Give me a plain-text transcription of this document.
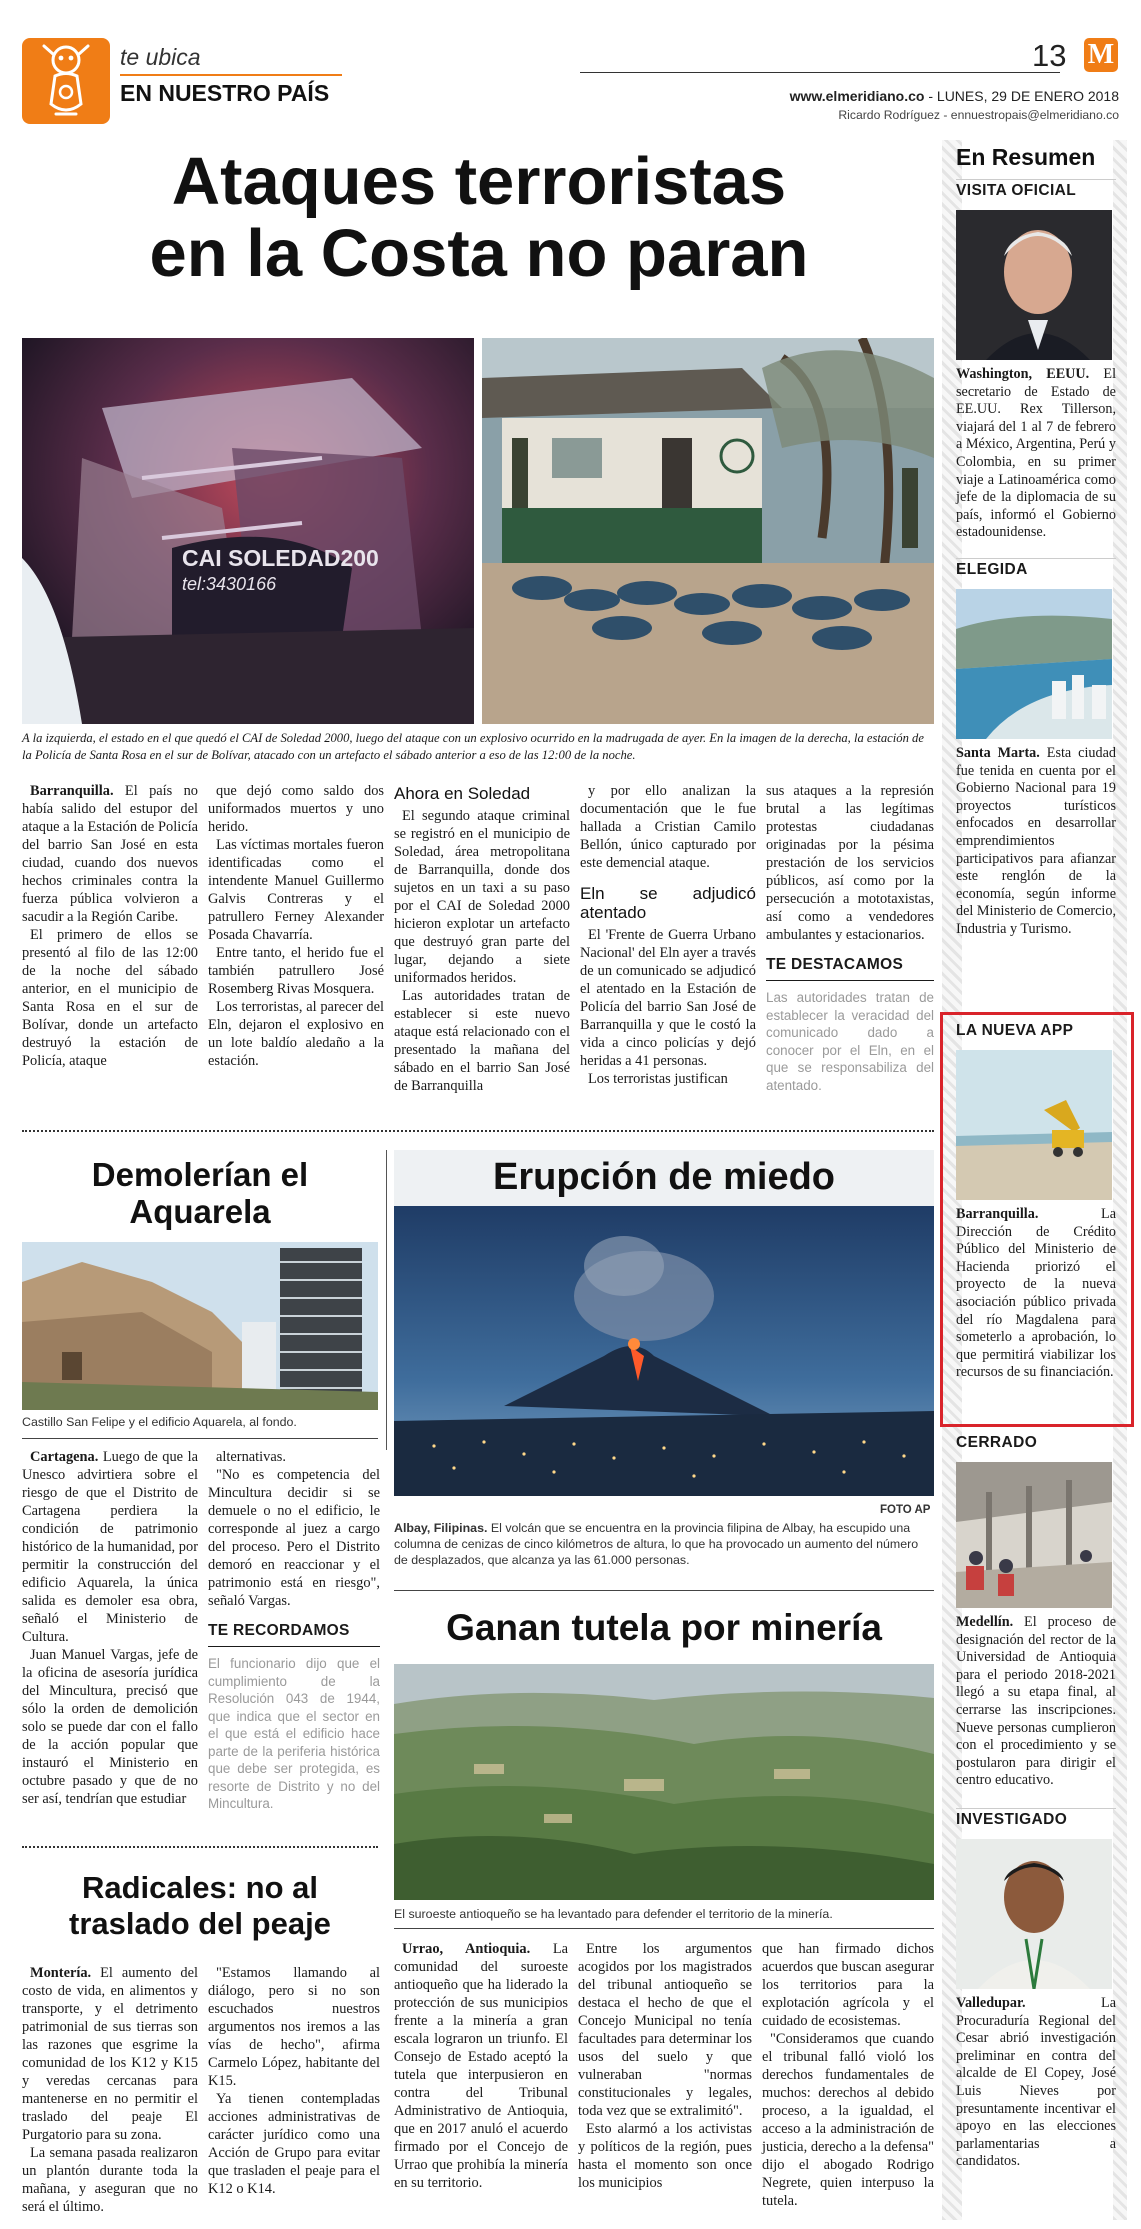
te ubica
EN NUESTRO PAÍS
13 M
www.elmeridiano.co - LUNES, 29 DE ENERO 2018
Ricardo Rodríguez - ennuestropais@elmeridiano.co
Ataques terroristas
en la Costa no paran
CAI SOLEDAD200
tel:3430166
A la izquierda, el estado en el que quedó el CAI de Soledad 2000, luego del ataque con un explosivo ocurrido en la madrugada de ayer. En la imagen de la derecha, la estación de la Policía de Santa Rosa en el sur de Bolívar, atacado con un artefacto el sábado anterior a eso de las 12:00 de la noche.

Barranquilla. El país no había salido del estupor del ataque a la Estación de Policía del barrio San José en esta ciudad, cuando dos nuevos hechos criminales contra la fuerza pública volvieron a sacudir a la Región Caribe.

El primero de ellos se presentó al filo de las 12:00 de la noche del sábado anterior, en el municipio de Santa Rosa en el sur de Bolívar, donde un artefacto destruyó la estación de Policía, ataque

que dejó como saldo dos uniformados muertos y uno herido.

Las víctimas mortales fueron identificadas como el intendente Manuel Guillermo Galvis Contreras y el patrullero Ferney Alexander Posada Chavarría.

Entre tanto, el herido fue el también patrullero José Rosemberg Rivas Mosquera.

Los terroristas, al parecer del Eln, dejaron el explosivo en un lote baldío aledaño a la estación.

Ahora en Soledad

El segundo ataque criminal se registró en el municipio de Soledad, área metropolitana de Barranquilla, donde dos sujetos en un taxi a su paso por el CAI de Soledad 2000 hicieron explotar un artefacto que destruyó gran parte del lugar, dejando a siete uniformados heridos.

Las autoridades tratan de establecer si este nuevo ataque está relacionado con el presentado la mañana del sábado en el barrio San José de Barranquilla

y por ello analizan la documentación que le fue hallada a Cristian Camilo Bellón, único capturado por este demencial ataque.

Eln se adjudicó atentado

El 'Frente de Guerra Urbano Nacional' del Eln ayer a través de un comunicado se adjudicó el atentado en la Estación de Policía del barrio San José de Barranquilla y que le costó la vida a cinco policías y dejó heridas a 41 personas.

Los terroristas justifican

sus ataques a la represión brutal a las legítimas protestas ciudadanas originadas por la pésima prestación de los servicios públicos, así como por la persecución a mototaxistas, así como a vendedores ambulantes y estacionarios.

TE DESTACAMOS
Las autoridades tratan de establecer la veracidad del comunicado dado a conocer por el Eln, en el que se responsabiliza del atentado.
Demolerían el Aquarela
Castillo San Felipe y el edificio Aquarela, al fondo.

Cartagena. Luego de que la Unesco advirtiera sobre el riesgo de que el Distrito de Cartagena perdiera la condición de patrimonio histórico de la humanidad, por permitir la construcción del edificio Aquarela, la única salida es demoler esa obra, señaló el Ministerio de Cultura.

Juan Manuel Vargas, jefe de la oficina de asesoría jurídica del Mincultura, precisó que sólo la orden de demolición solo se puede dar con el fallo de la acción popular que instauró el Ministerio en octubre pasado y que de no ser así, tendrían que estudiar

alternativas.

"No es competencia del Mincultura decidir si se demuele o no el edificio, le corresponde al juez a cargo del proceso. Pero el Distrito demoró en reaccionar y el patrimonio está en riesgo", señaló Vargas.

TE RECORDAMOS
El funcionario dijo que el cumplimiento de la Resolución 043 de 1944, que indica que el sector en el que está el edificio hace parte de la periferia histórica que debe ser protegida, es resorte de Distrito y no del Mincultura.
Erupción de miedo
FOTO AP
Albay, Filipinas. El volcán que se encuentra en la provincia filipina de Albay, ha escupido una columna de cenizas de cinco kilómetros de altura, lo que ha provocado un aumento del número de desplazados, que alcanza ya las 61.000 personas.
Radicales: no al traslado del peaje

Montería. El aumento del costo de vida, en alimentos y transporte, y el detrimento patrimonial de sus tierras son las razones que esgrime la comunidad de los K12 y K15 y veredas cercanas para mantenerse en no permitir el traslado del peaje El Purgatorio para su zona.

La semana pasada realizaron un plantón durante toda la mañana, y aseguran que no será el último.

"Estamos llamando al diálogo, pero si no son escuchados nuestros argumentos nos iremos a las vías de hecho", afirma Carmelo López, habitante del K15.

Ya tienen contempladas acciones administrativas de carácter jurídico como una Acción de Grupo para evitar que trasladen el peaje para el K12 o K14.

Ganan tutela por minería
El suroeste antioqueño se ha levantado para defender el territorio de la minería.

Urrao, Antioquia. La comunidad del suroeste antioqueño que ha liderado la protección de sus municipios frente a la minería a gran escala lograron un triunfo. El Consejo de Estado aceptó la tutela que interpusieron en contra del Tribunal Administrativo de Antioquia, que en 2017 anuló el acuerdo firmado por el Concejo de Urrao que prohibía la minería en su territorio.

Entre los argumentos acogidos por los magistrados del tribunal antioqueño se destaca el hecho de que el Concejo Municipal no tenía facultades para determinar los usos del suelo y que vulneraban "normas constitucionales y legales, toda vez que se extralimitó".

Esto alarmó a los activistas y políticos de la región, pues hasta el momento son once los municipios

que han firmado dichos acuerdos que buscan asegurar los territorios para la explotación agrícola y el cuidado de ecosistemas.

"Consideramos que cuando el tribunal falló violó los derechos fundamentales de muchos: derechos al debido proceso, a la igualdad, el acceso a la administración de justicia, derecho a la defensa" dijo el abogado Rodrigo Negrete, quien interpuso la tutela.

En Resumen
VISITA OFICIAL
Washington, EEUU. El secretario de Estado de EE.UU. Rex Tillerson, viajará del 1 al 7 de febrero a México, Argentina, Perú y Colombia, en su primer viaje a Latinoamérica como jefe de la diplomacia de su país, informó el Gobierno estadounidense.
ELEGIDA
Santa Marta. Esta ciudad fue tenida en cuenta por el Gobierno Nacional para 19 proyectos turísticos enfocados en desarrollar emprendimientos participativos para afianzar este renglón de la economía, según informe del Ministerio de Comercio, Industria y Turismo.
LA NUEVA APP
Barranquilla. La Dirección de Crédito Público del Ministerio de Hacienda priorizó el proyecto de la nueva asociación público privada del río Magdalena para someterlo a aprobación, lo que permitirá viabilizar los recursos de su financiación.
CERRADO
Medellín. El proceso de designación del rector de la Universidad de Antioquia para el periodo 2018-2021 llegó a su etapa final, al cerrarse las inscripciones. Nueve personas cumplieron con el procedimiento y se postularon para dirigir el centro educativo.
INVESTIGADO
Valledupar. La Procuraduría Regional del Cesar abrió investigación preliminar en contra del alcalde de El Copey, José Luis Nieves por presuntamente incentivar el apoyo en las elecciones parlamentarias a candidatos.
